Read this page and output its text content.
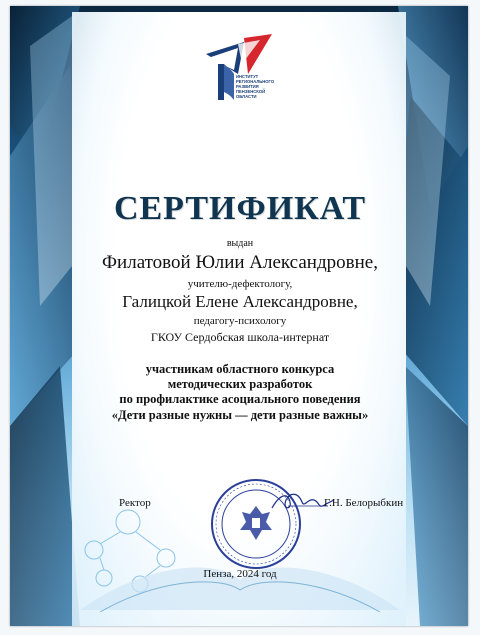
ИНСТИТУТ
РЕГИОНАЛЬНОГО
РАЗВИТИЯ
ПЕНЗЕНСКОЙ
ОБЛАСТИ
СЕРТИФИКАТ
выдан
Филатовой Юлии Александровне,
учителю-дефектологу,
Галицкой Елене Александровне,
педагогу-психологу
ГКОУ Сердобская школа-интернат
участникам областного конкурса
методических разработок
по профилактике асоциального поведения
«Дети разные нужны — дети разные важны»
Ректор	Г.Н. Белорыбкин
Пенза, 2024 год
